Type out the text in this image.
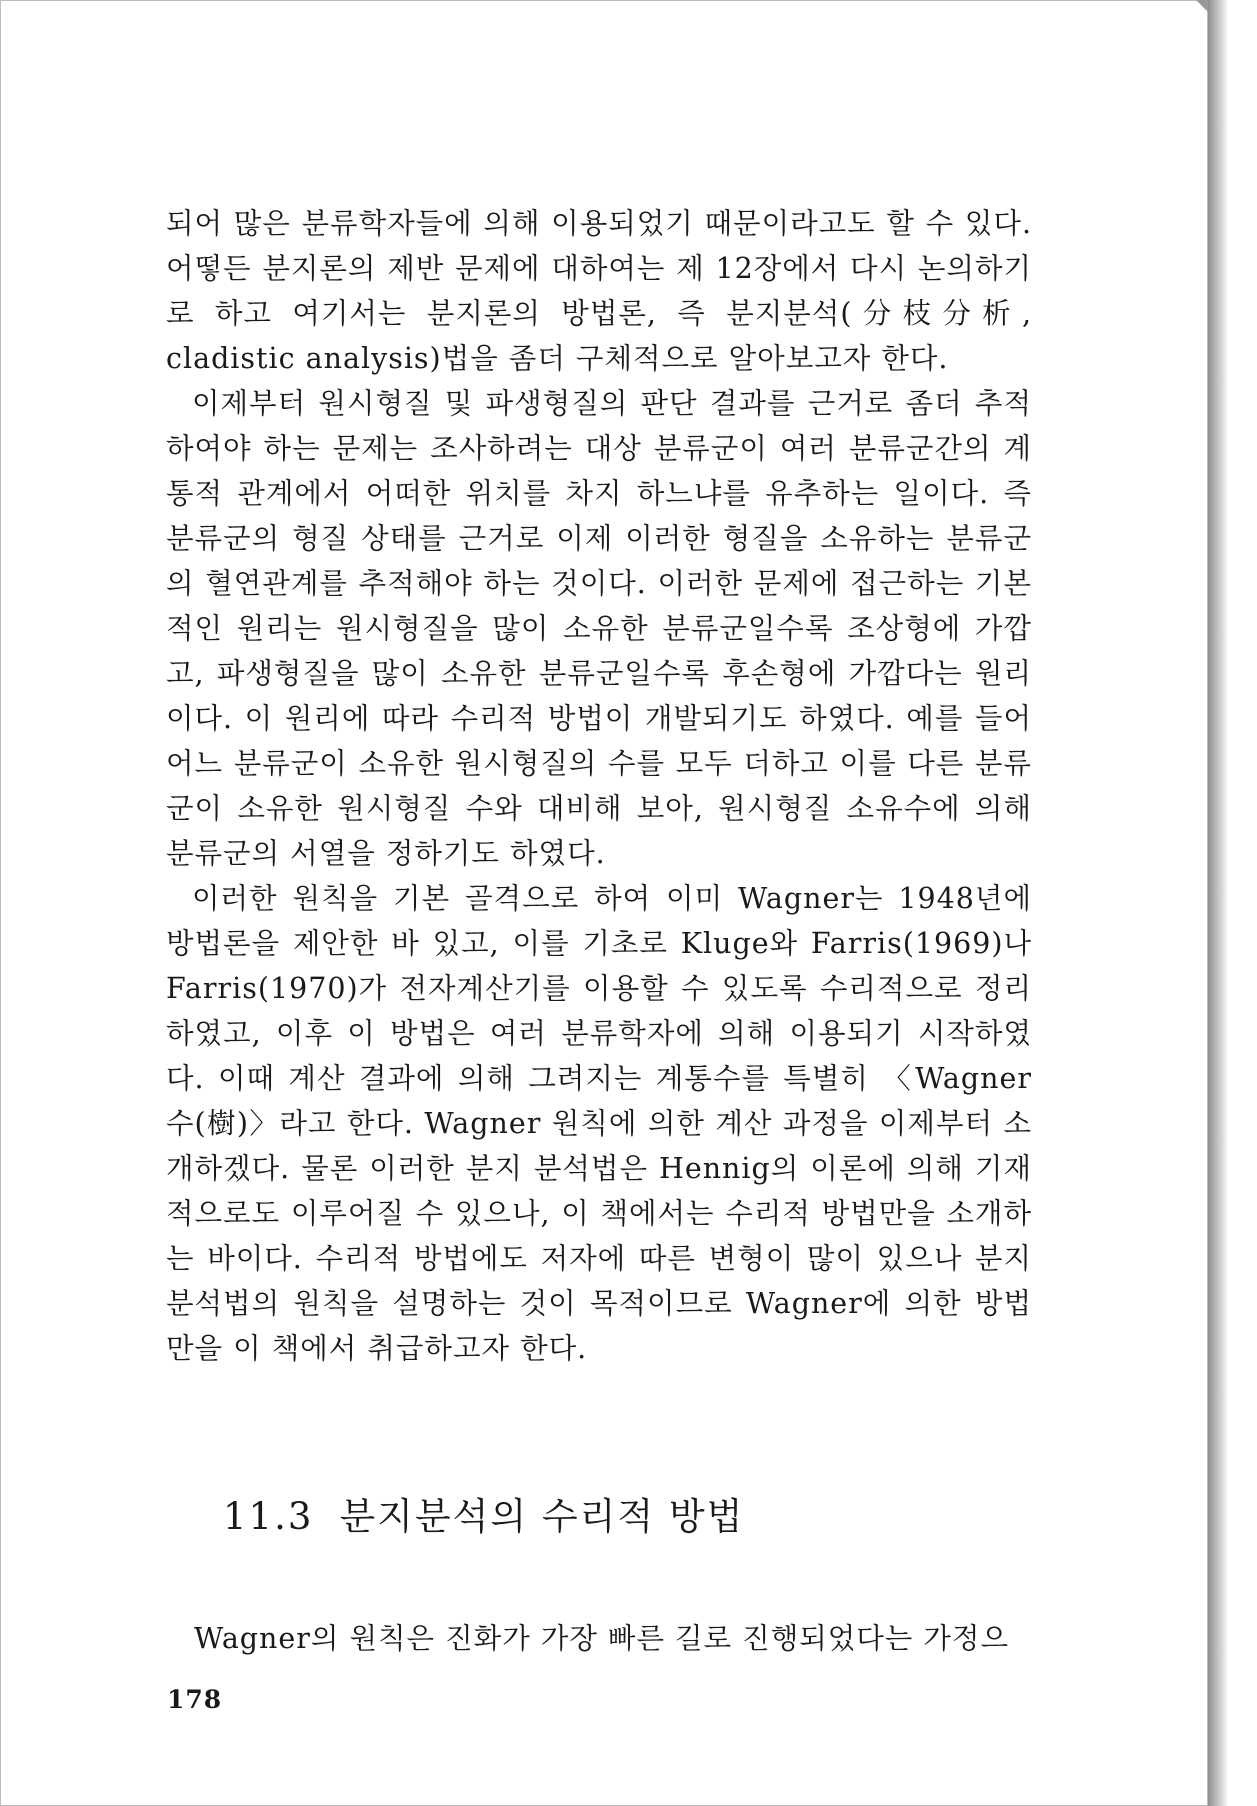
되어 많은 분류학자들에 의해 이용되었기 때문이라고도 할 수 있다. 어떻든 분지론의 제반 문제에 대하여는 제 12장에서 다시 논의하기로 하고 여기서는 분지론의 방법론, 즉 분지분석(分枝分析, cladistic analysis)법을 좀더 구체적으로 알아보고자 한다.

이제부터 원시형질 및 파생형질의 판단 결과를 근거로 좀더 추적하여야 하는 문제는 조사하려는 대상 분류군이 여러 분류군간의 계통적 관계에서 어떠한 위치를 차지 하느냐를 유추하는 일이다. 즉 분류군의 형질 상태를 근거로 이제 이러한 형질을 소유하는 분류군의 혈연관계를 추적해야 하는 것이다. 이러한 문제에 접근하는 기본적인 원리는 원시형질을 많이 소유한 분류군일수록 조상형에 가깝고, 파생형질을 많이 소유한 분류군일수록 후손형에 가깝다는 원리이다. 이 원리에 따라 수리적 방법이 개발되기도 하였다. 예를 들어 어느 분류군이 소유한 원시형질의 수를 모두 더하고 이를 다른 분류군이 소유한 원시형질 수와 대비해 보아, 원시형질 소유수에 의해 분류군의 서열을 정하기도 하였다.

이러한 원칙을 기본 골격으로 하여 이미 Wagner는 1948년에 방법론을 제안한 바 있고, 이를 기초로 Kluge와 Farris(1969)나 Farris(1970)가 전자계산기를 이용할 수 있도록 수리적으로 정리하였고, 이후 이 방법은 여러 분류학자에 의해 이용되기 시작하였다. 이때 계산 결과에 의해 그려지는 계통수를 특별히 〈Wagner 수(樹)〉라고 한다. Wagner 원칙에 의한 계산 과정을 이제부터 소개하겠다. 물론 이러한 분지 분석법은 Hennig의 이론에 의해 기재적으로도 이루어질 수 있으나, 이 책에서는 수리적 방법만을 소개하는 바이다. 수리적 방법에도 저자에 따른 변형이 많이 있으나 분지분석법의 원칙을 설명하는 것이 목적이므로 Wagner에 의한 방법만을 이 책에서 취급하고자 한다.

11.3 분지분석의 수리적 방법
Wagner의 원칙은 진화가 가장 빠른 길로 진행되었다는 가정으
178
